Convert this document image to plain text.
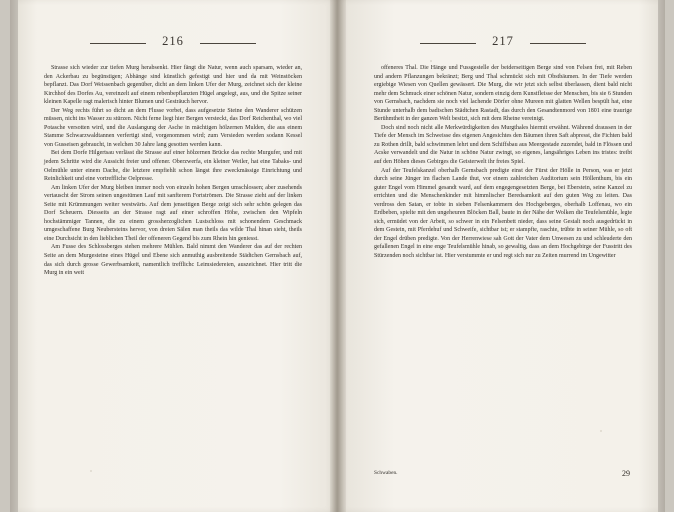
216

Strasse sich wieder zur tiefen Murg herabsenkt. Hier fängt die Natur, wenn auch sparsam, wieder an, den Ackerbau zu begünstigen; Abhänge sind künstlich gefestigt und hier und da mit Weinstöcken bepflanzt. Das Dorf Weissenbach gegenüber, dicht an dem linken Ufer der Murg, zeichnet sich der kleine Kirchhof des Dorfes Au, vereinzelt auf einem rebenbepflanzten Hügel angelegt, aus, und die Spitze seiner kleinen Kapelle ragt malerisch hinter Blumen und Gesträuch hervor.

Der Weg rechts führt so dicht an dem Flusse vorbei, dass aufgesetzte Steine den Wanderer schützen müssen, nicht ins Wasser zu stürzen. Nicht ferne liegt hier Bergen versteckt, das Dorf Reichenthal, wo viel Potasche versotten wird, und die Auslangung der Asche in mächtigen hölzernen Mulden, die aus einem Stamme Schwarzwaldtannen verfertigt sind, vorgenommen wird; zum Versieden werden sodann Kessel von Gusseisen gebraucht, in welchen 30 Jahre lang gesotten werden kann.

Bei dem Dorfe Hilgertsau verlässt die Strasse auf einer hölzernen Brücke das rechte Murgufer, und mit jedem Schritte wird die Aussicht freier und offener. Oberzwerfa, ein kleiner Weiler, hat eine Tabaks- und Oelmühle unter einem Dache, die letztere empfiehlt schon längst ihre zweckmässige Einrichtung und Reinlichkeit und eine vortreffliche Oelpresse.

Am linken Ufer der Murg bleiben immer noch von einzeln hohen Bergen umschlossen; aber zusehends vertauscht der Strom seinen ungestümen Lauf mit sanfterem Fortströmen. Die Strasse zieht auf der linken Seite mit Krümmungen weiter westwärts. Auf dem jenseitigen Berge zeigt sich sehr schön gelegen das Dorf Scheuern. Diesseits an der Strasse ragt auf einer schroffen Höhe, zwischen den Wipfeln hochstämmiger Tannen, die zu einem grossherzoglichen Lustschloss mit schonendem Geschmack umgeschaffene Burg Neubersteins hervor, von dreien Sälen man theils das wilde Thal hinan sieht, theils eine Durchsicht in den lieblichen Theil der offeneren Gegend bis zum Rhein hin geniesst.

Am Fusse des Schlossberges stehen mehrere Mühlen. Bald nimmt den Wanderer das auf der rechten Seite an dem Murgesteine eines Hügel und Ebene sich anmuthig ausbreitende Städtchen Gernsbach auf, das sich durch grosse Gewerbsamkeit, namentlich trefflichc Leimsiedereien, auszeichnet. Hier tritt die Murg in ein weit

217

offeneres Thal. Die Hänge und Fussgestelle der beiderseitigen Berge sind von Felsen frei, mit Reben und andern Pflanzungen bekränzt; Berg und Thal schmückt sich mit Obstbäumen. In der Tiefe werden ergiebige Wiesen von Quellen gewässert. Die Murg, die wir jetzt sich selbst überlassen, dient bald nicht mehr dem Schmuck einer schönen Natur, sondern einzig dem Kunstfleisse der Menschen, bis sie 6 Stunden von Gernsbach, nachdem sie noch viel lachende Dörfer ohne Mureen mit glatten Wellen bespült hat, eine Stunde unterhalb dem badischen Städtchen Rastadt, das durch den Gesandtenmord von 1801 eine traurige Berühmtheit in der ganzen Welt besitzt, sich mit dem Rheine vereinigt.

Doch sind noch nicht alle Merkwürdigkeiten des Murgthales hiermit erwähnt. Während draussen in der Tiefe der Mensch im Schweisse des eigenen Angesichtes den Bäumen ihren Saft abpresst, die Fichten bald zu Rothen drillt, bald schwimmen lehrt und dem Schiffsbau aus Meergestade zuzendet, bald in Flössen und Acske verwandelt und die Natur in schöne Natur zwingt, so eigenes, langsähriges Leben ins tristes: treibt auf den Höhen dieses Gebirges die Geisterwelt ihr freies Spiel.

Auf der Teufelskanzel oberhalb Gernsbach predigte einst der Fürst der Hölle in Person, was er jetzt durch seine Jünger im flachen Lande thut, vor einem zahlreichen Auditorium sein Höllenthum, bis ein guter Engel vom Himmel gesandt ward, auf dem engegengesetzten Berge, bei Eberstein, seine Kanzel zu errichten und die Menschenkinder mit himmlischer Beredsamkeit auf den guten Weg zu leiten. Das verdross den Satan, er tobte in sieben Felsenkammern des Hochgeberges, oberhalb Loffenau, wo ein Erdbeben, spielte mit den ungeheuren Blöcken Ball, baute in der Nähe der Wolken die Teufelsmühle, legte sich, ermüdet von der Arbeit, so schwer in ein Felsenbett nieder, dass seine Gestalt noch ausgedrückt in dem Gestein, mit Pferdehuf und Schweife, sichtbar ist; er stampfte, raschte, trübte in seiner Mühle, so oft der Engel drüben predigte. Von der Herrenwiese sah Gott der Vater dem Unwesen zu und schleuderte den gefallenen Engel in eine enge Teufelsmühle hinab, so gewaltig, dass an dem Hochgebirge der Fusstritt des Stürzenden noch sichtbar ist. Hier verstummte er und regt sich nur zu Zeiten murrend im Ungewitter

Schwaben.	29
